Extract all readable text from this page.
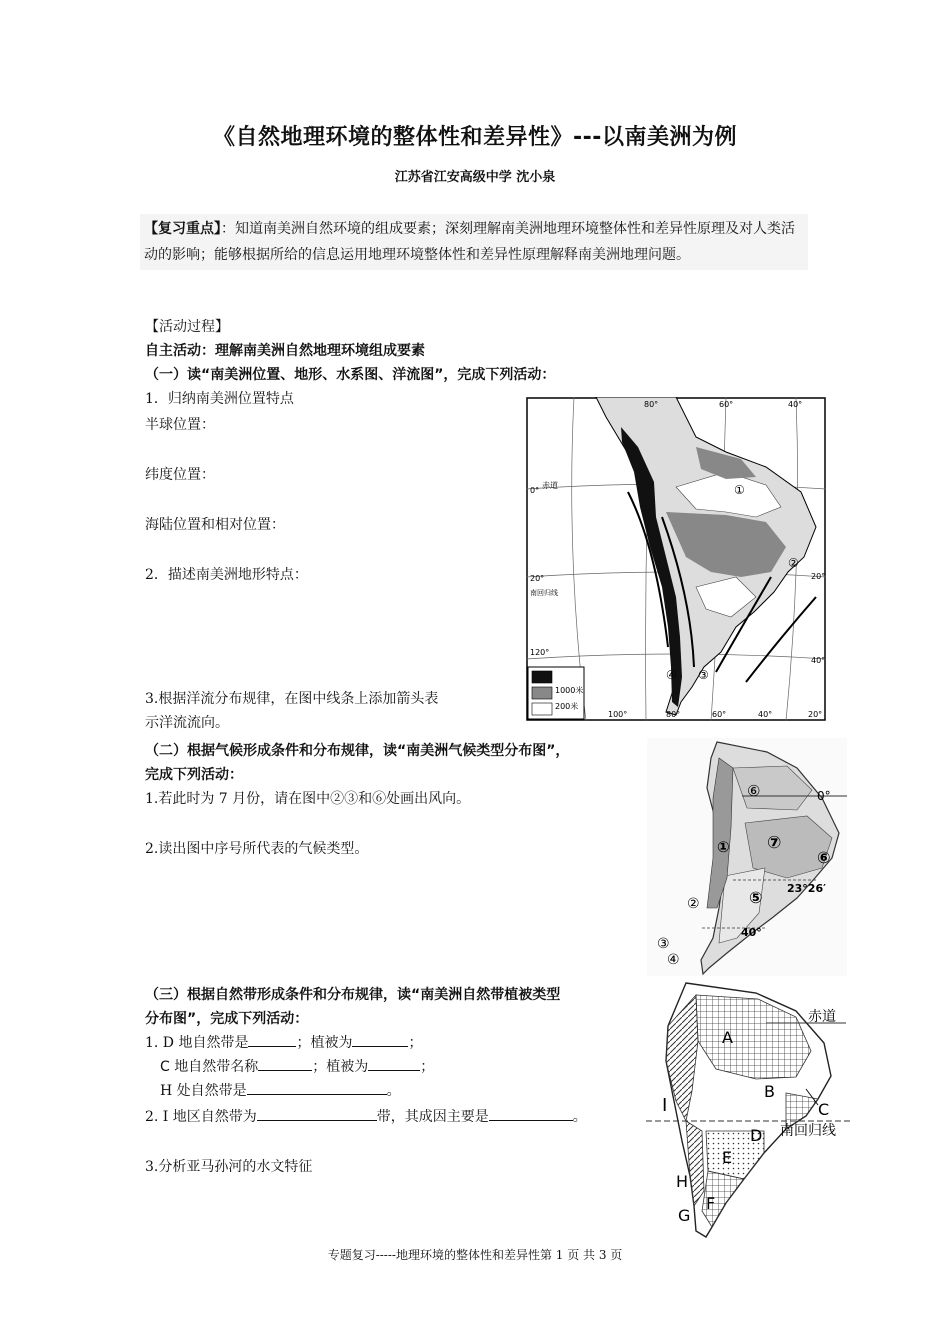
《自然地理环境的整体性和差异性》---以南美洲为例
江苏省江安高级中学 沈小泉
【复习重点】：知道南美洲自然环境的组成要素；深刻理解南美洲地理环境整体性和差异性原理及对人类活动的影响；能够根据所给的信息运用地理环境整体性和差异性原理解释南美洲地理问题。
【活动过程】
自主活动：理解南美洲自然地理环境组成要素
（一）读“南美洲位置、地形、水系图、洋流图”，完成下列活动：
1．归纳南美洲位置特点
半球位置：
纬度位置：
海陆位置和相对位置：
2．描述南美洲地形特点：
3.根据洋流分布规律，在图中线条上添加箭头表
示洋流流向。
①
②
③
④
80°	60°	40°
100°	80°	60°	40°	20°
0°
赤道
20°
南回归线
20°
120°
40°
1000米
200米
（二）根据气候形成条件和分布规律，读“南美洲气候类型分布图”，
完成下列活动：
1.若此时为 7 月份，请在图中②③和⑥处画出风向。
2.读出图中序号所代表的气候类型。
0°
23°26′
40°
①
②
③
④
⑤
⑥
⑦
⑥
（三）根据自然带形成条件和分布规律，读“南美洲自然带植被类型
分布图”，完成下列活动：
1. D 地自然带是	；植被为	；
C 地自然带名称	；植被为	；
H 处自然带是	。
2. I 地区自然带为	带，其成因主要是	。
3.分析亚马孙河的水文特征
赤道
南回归线
A
B
C
D
E
F
G
H
I
专题复习-----地理环境的整体性和差异性第 1 页 共 3 页
